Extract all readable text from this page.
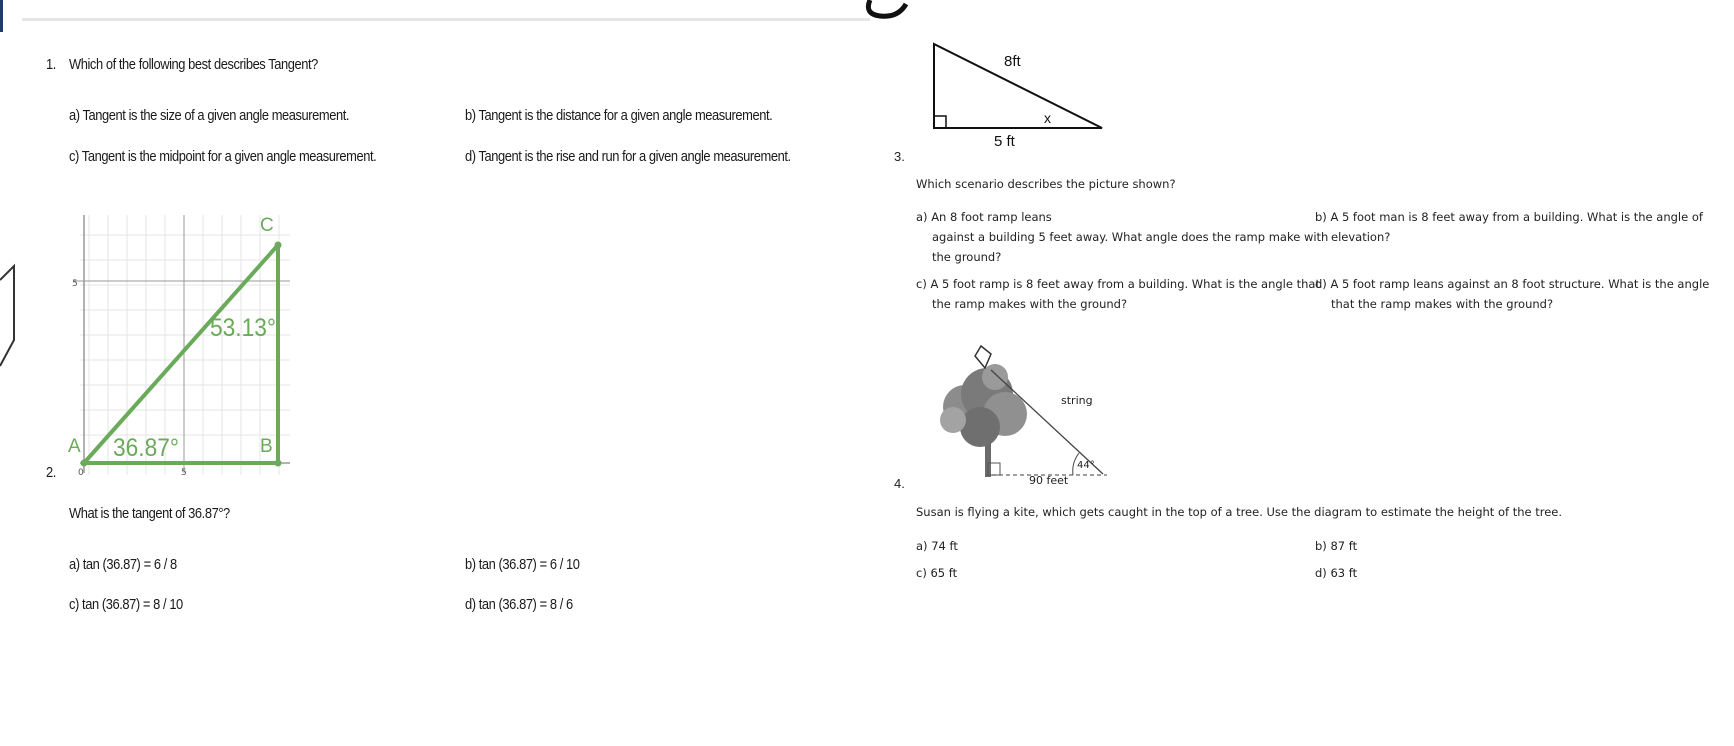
1. Which of the following best describes Tangent?
a) Tangent is the size of a given angle measurement.	b) Tangent is the distance for a given angle measurement.
c) Tangent is the midpoint for a given angle measurement.	d) Tangent is the rise and run for a given angle measurement.
2.
5
0	5
C
A	B
53.13°
36.87°
What is the tangent of 36.87°?
a) tan (36.87) = 6 / 8	b) tan (36.87) = 6 / 10
c) tan (36.87) = 8 / 10	d) tan (36.87) = 8 / 6
8ft
5 ft
x
3.
Which scenario describes the picture shown?
a) An 8 foot ramp leans
against a building 5 feet away. What angle does the ramp make with
the ground?
b) A 5 foot man is 8 feet away from a building. What is the angle of
elevation?
c) A 5 foot ramp is 8 feet away from a building. What is the angle that
the ramp makes with the ground?
d) A 5 foot ramp leans against an 8 foot structure. What is the angle
that the ramp makes with the ground?
string
44°
90 feet
4.
Susan is flying a kite, which gets caught in the top of a tree. Use the diagram to estimate the height of the tree.
a) 74 ft	b) 87 ft
c) 65 ft	d) 63 ft
